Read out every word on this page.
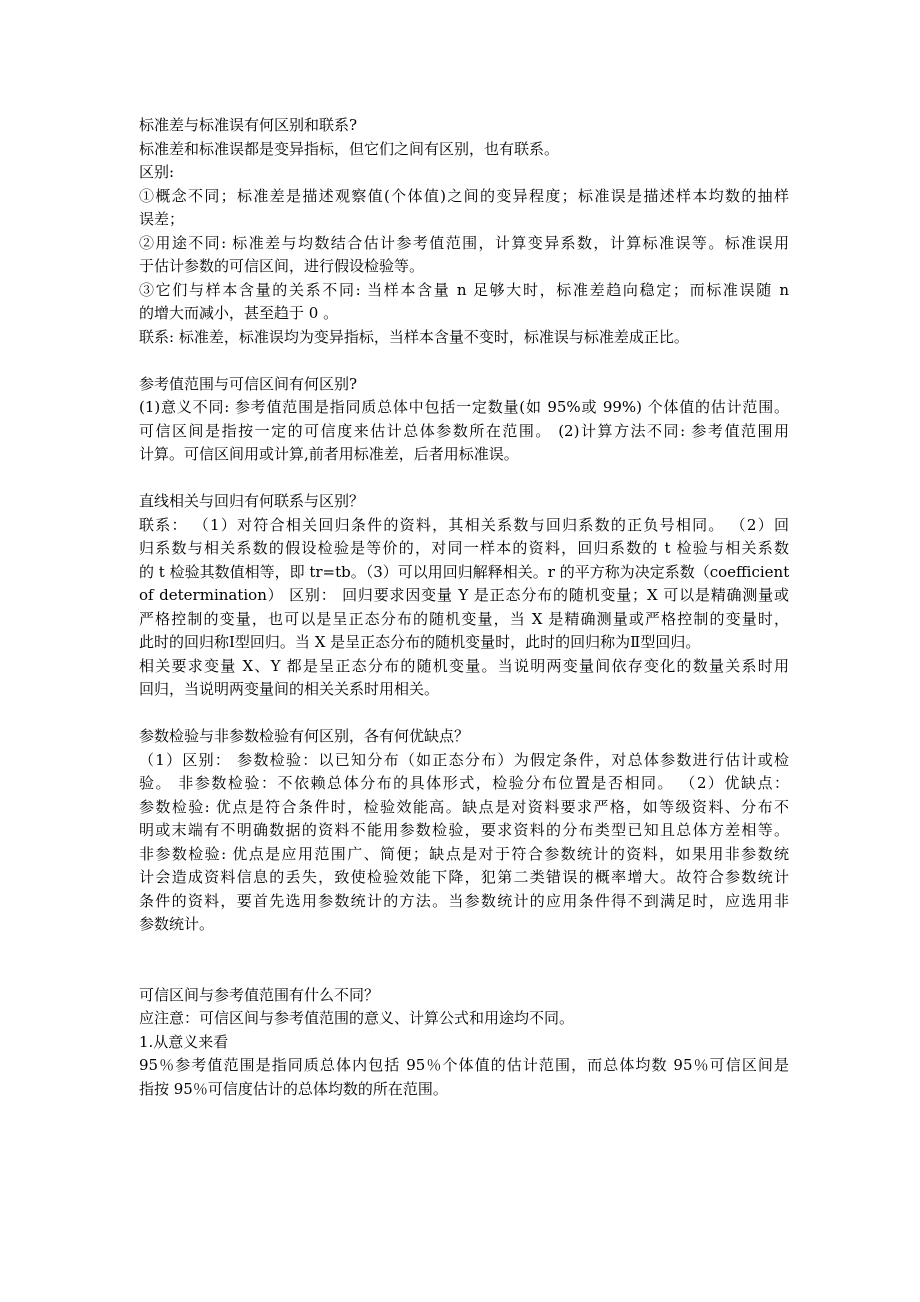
标准差与标准误有何区别和联系?
标准差和标准误都是变异指标，但它们之间有区别，也有联系。
区别:
①概念不同；标准差是描述观察值(个体值)之间的变异程度；标准误是描述样本均数的抽样
误差；
②用途不同: 标准差与均数结合估计参考值范围，计算变异系数，计算标准误等。标准误用
于估计参数的可信区间，进行假设检验等。
③它们与样本含量的关系不同: 当样本含量 n 足够大时，标准差趋向稳定；而标准误随 n
的增大而减小，甚至趋于 0 。
联系: 标准差，标准误均为变异指标，当样本含量不变时，标准误与标准差成正比。
参考值范围与可信区间有何区别?
(1)意义不同: 参考值范围是指同质总体中包括一定数量(如 95%或 99%) 个体值的估计范围。
可信区间是指按一定的可信度来估计总体参数所在范围。 (2)计算方法不同: 参考值范围用
计算。可信区间用或计算,前者用标准差，后者用标准误。
直线相关与回归有何联系与区别？
联系： （1）对符合相关回归条件的资料，其相关系数与回归系数的正负号相同。 （2）回
归系数与相关系数的假设检验是等价的，对同一样本的资料，回归系数的 t 检验与相关系数
的 t 检验其数值相等，即 tr=tb。（3）可以用回归解释相关。r 的平方称为决定系数（coefficient
of determination） 区别： 回归要求因变量 Y 是正态分布的随机变量；X 可以是精确测量或
严格控制的变量，也可以是呈正态分布的随机变量，当 X 是精确测量或严格控制的变量时，
此时的回归称Ⅰ型回归。当 X 是呈正态分布的随机变量时，此时的回归称为Ⅱ型回归。
相关要求变量 X、Y 都是呈正态分布的随机变量。当说明两变量间依存变化的数量关系时用
回归，当说明两变量间的相关关系时用相关。
参数检验与非参数检验有何区别，各有何优缺点？
（1）区别： 参数检验：以已知分布（如正态分布）为假定条件，对总体参数进行估计或检
验。 非参数检验：不依赖总体分布的具体形式，检验分布位置是否相同。 （2）优缺点：
参数检验: 优点是符合条件时，检验效能高。缺点是对资料要求严格，如等级资料、分布不
明或末端有不明确数据的资料不能用参数检验，要求资料的分布类型已知且总体方差相等。
非参数检验: 优点是应用范围广、简便；缺点是对于符合参数统计的资料，如果用非参数统
计会造成资料信息的丢失，致使检验效能下降，犯第二类错误的概率增大。故符合参数统计
条件的资料，要首先选用参数统计的方法。当参数统计的应用条件得不到满足时，应选用非
参数统计。
可信区间与参考值范围有什么不同？
应注意：可信区间与参考值范围的意义、计算公式和用途均不同。
1.从意义来看
95％参考值范围是指同质总体内包括 95％个体值的估计范围，而总体均数 95％可信区间是
指按 95％可信度估计的总体均数的所在范围。
